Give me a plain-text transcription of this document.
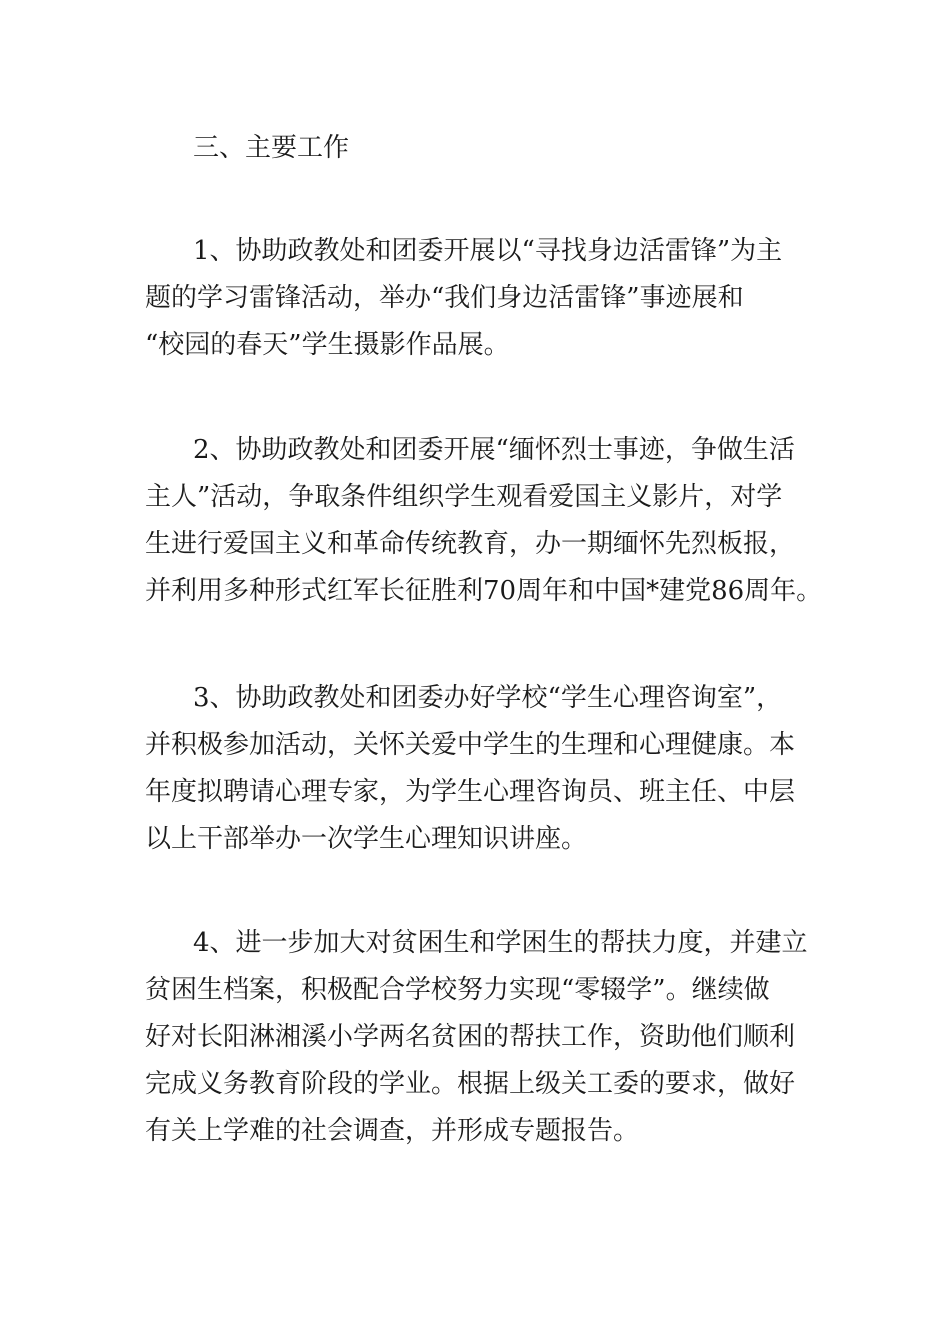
三、主要工作
1、协助政教处和团委开展以“寻找身边活雷锋”为主
题的学习雷锋活动，举办“我们身边活雷锋”事迹展和
“校园的春天”学生摄影作品展。
2、协助政教处和团委开展“缅怀烈士事迹，争做生活
主人”活动，争取条件组织学生观看爱国主义影片，对学
生进行爱国主义和革命传统教育，办一期缅怀先烈板报，
并利用多种形式红军长征胜利70周年和中国*建党86周年。
3、协助政教处和团委办好学校“学生心理咨询室”，
并积极参加活动，关怀关爱中学生的生理和心理健康。本
年度拟聘请心理专家，为学生心理咨询员、班主任、中层
以上干部举办一次学生心理知识讲座。
4、进一步加大对贫困生和学困生的帮扶力度，并建立
贫困生档案，积极配合学校努力实现“零辍学”。继续做
好对长阳淋湘溪小学两名贫困的帮扶工作，资助他们顺利
完成义务教育阶段的学业。根据上级关工委的要求，做好
有关上学难的社会调查，并形成专题报告。
